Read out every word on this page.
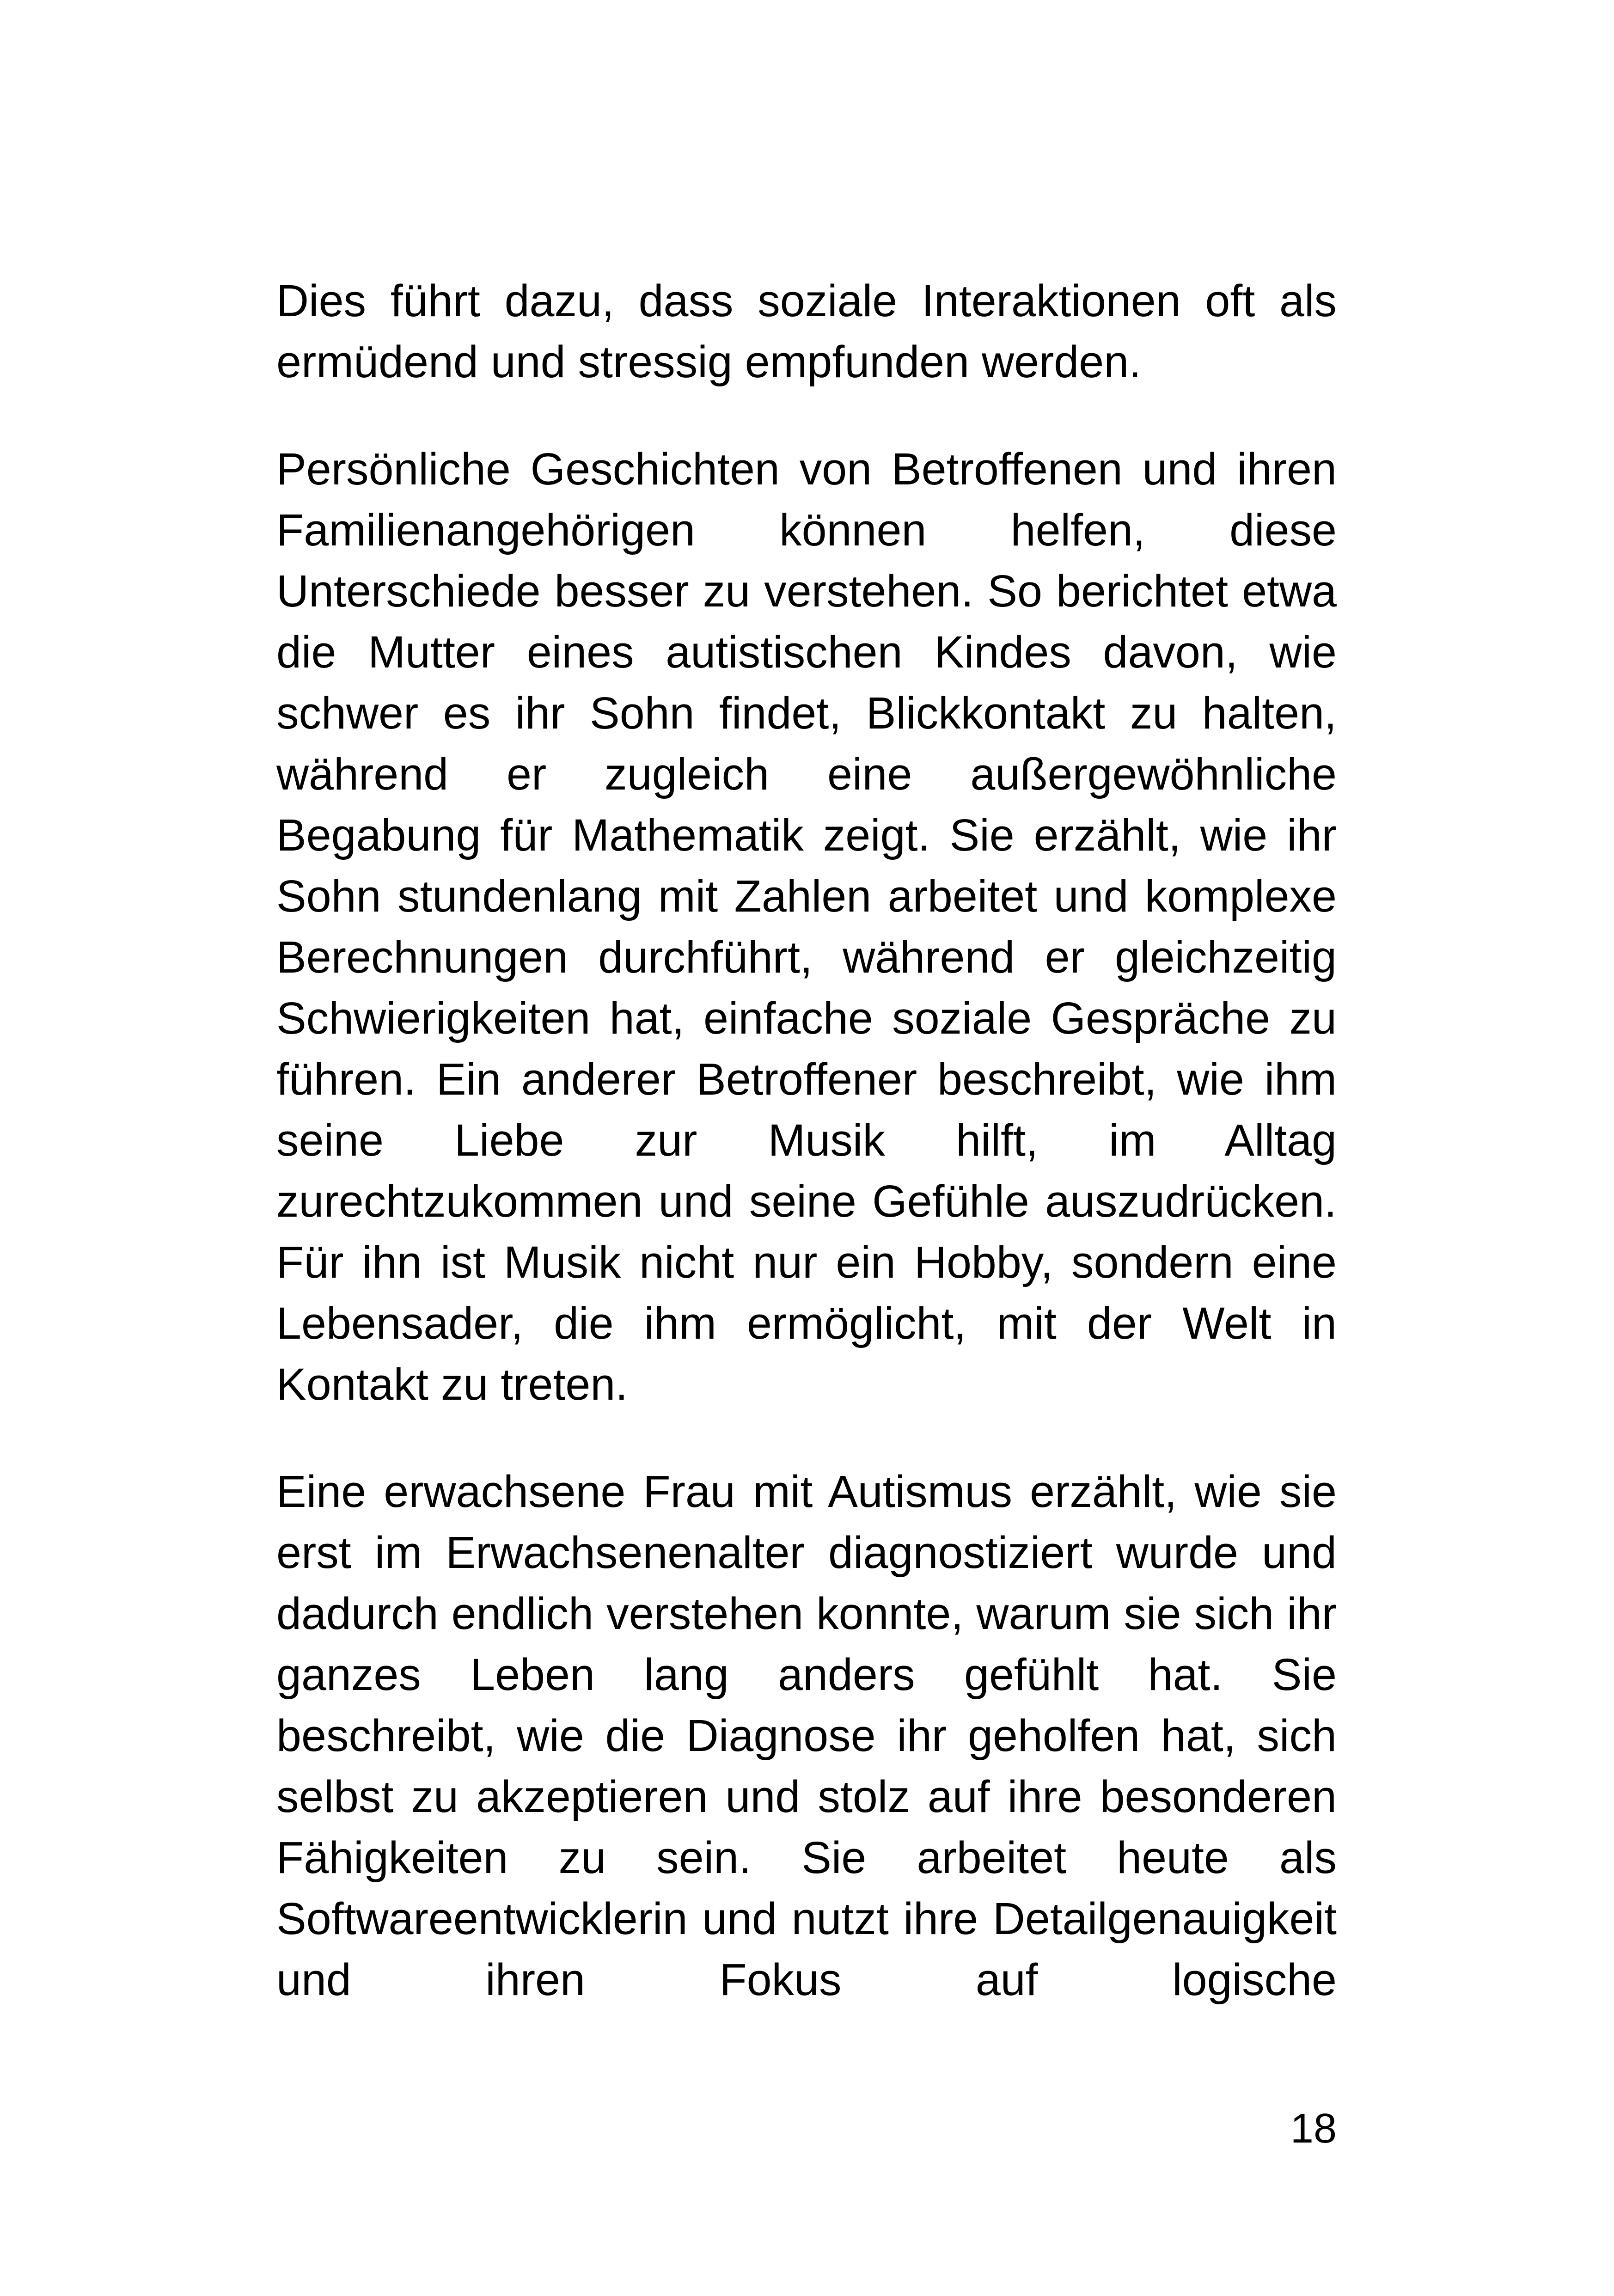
Dies führt dazu, dass soziale Interaktionen oft als ermüdend und stressig empfunden werden.

Persönliche Geschichten von Betroffenen und ihren Familienangehörigen können helfen, diese Unterschiede besser zu verstehen. So berichtet etwa die Mutter eines autistischen Kindes davon, wie schwer es ihr Sohn findet, Blickkontakt zu halten, während er zugleich eine außergewöhnliche Begabung für Mathematik zeigt. Sie erzählt, wie ihr Sohn stundenlang mit Zahlen arbeitet und komplexe Berechnungen durchführt, während er gleichzeitig Schwierigkeiten hat, einfache soziale Gespräche zu führen. Ein anderer Betroffener beschreibt, wie ihm seine Liebe zur Musik hilft, im Alltag zurechtzukommen und seine Gefühle auszudrücken. Für ihn ist Musik nicht nur ein Hobby, sondern eine Lebensader, die ihm ermöglicht, mit der Welt in Kontakt zu treten.

Eine erwachsene Frau mit Autismus erzählt, wie sie erst im Erwachsenenalter diagnostiziert wurde und dadurch endlich verstehen konnte, warum sie sich ihr ganzes Leben lang anders gefühlt hat. Sie beschreibt, wie die Diagnose ihr geholfen hat, sich selbst zu akzeptieren und stolz auf ihre besonderen Fähigkeiten zu sein. Sie arbeitet heute als Softwareentwicklerin und nutzt ihre Detailgenauigkeit und ihren Fokus auf logische

18
